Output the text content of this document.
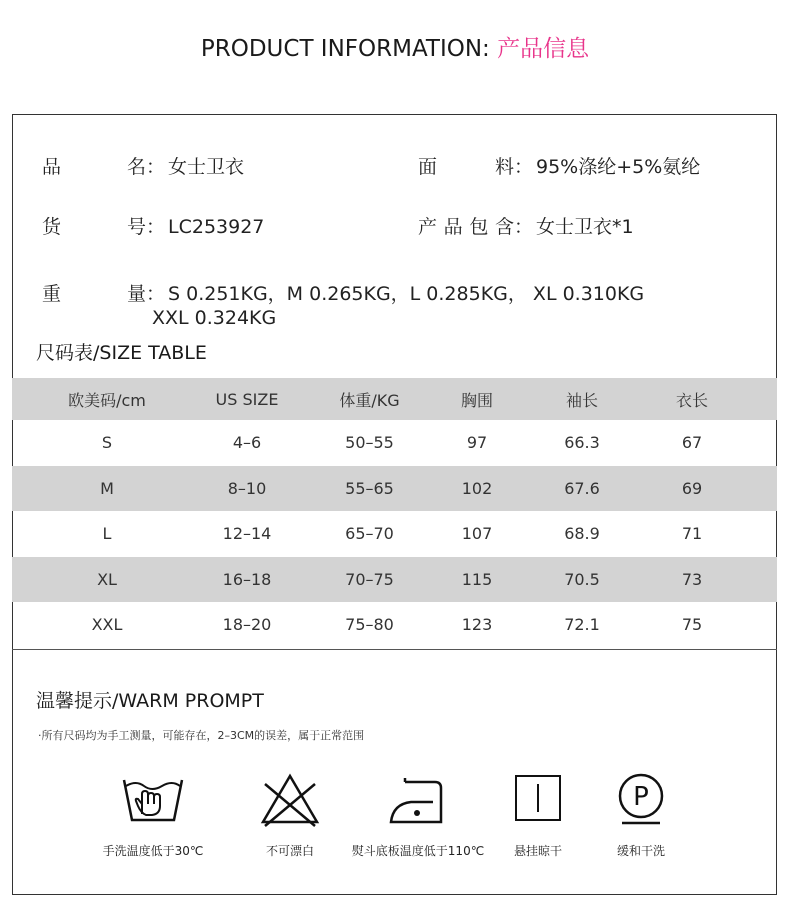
PRODUCT INFORMATION: 产品信息
品名： 女士卫衣	面料： 95%涤纶+5%氨纶
货号： LC253927	产品包含： 女士卫衣*1
重量： S 0.251KG，M 0.265KG，L 0.285KG， XL 0.310KG
XXL 0.324KG
尺码表/SIZE TABLE
欧美码/cm	US SIZE	体重/KG	胸围	袖长	衣长
S	4–6	50–55	97	66.3	67
M	8–10	55–65	102	67.6	69
L	12–14	65–70	107	68.9	71
XL	16–18	70–75	115	70.5	73
XXL	18–20	75–80	123	72.1	75
温馨提示/WARM PROMPT
·所有尺码均为手工测量，可能存在，2–3CM的误差，属于正常范围
手洗温度低于30℃	不可漂白	熨斗底板温度低于110℃	悬挂晾干
P
缓和干洗
